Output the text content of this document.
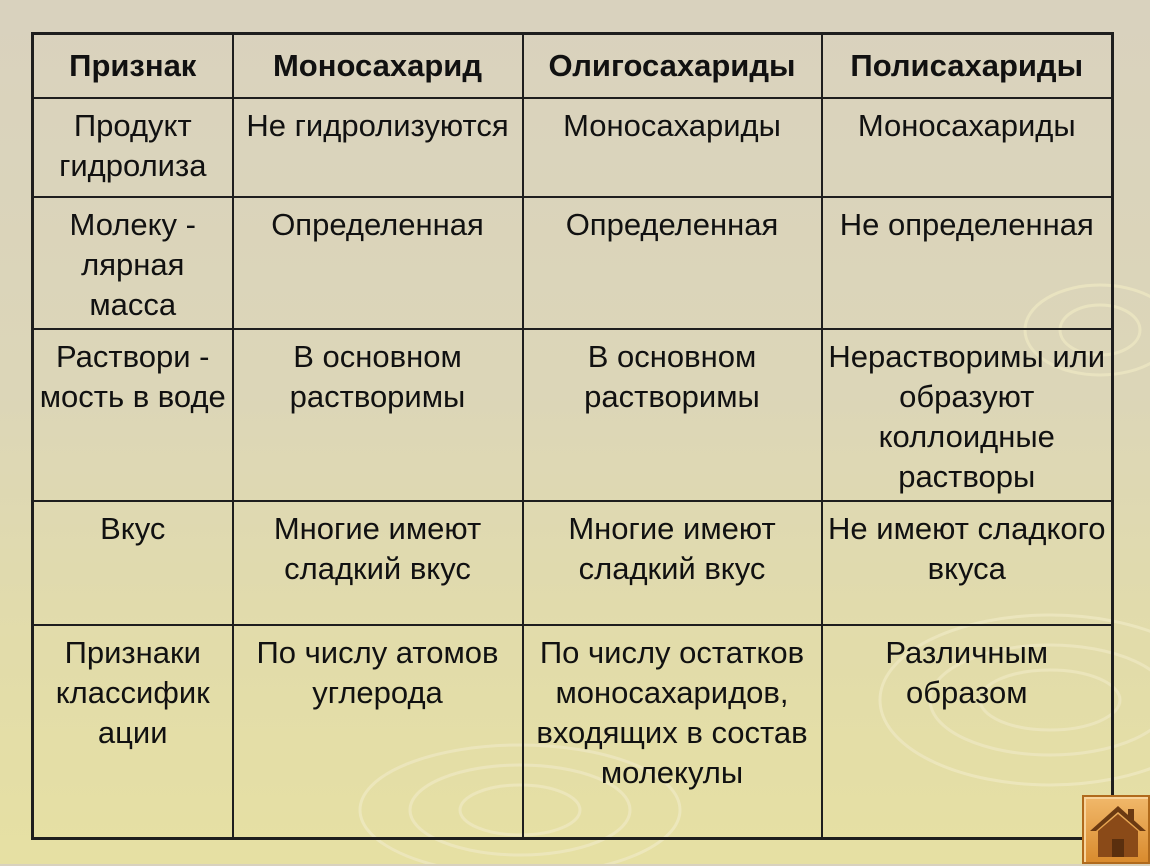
Признак	Моносахарид	Олигосахариды	Полисахариды

Продукт гидролиза	Не гидролизуются	Моносахариды	Моносахариды

Молеку - лярная масса	Определенная	Определенная	Не определенная

Раствори - мость в воде	В основном растворимы	В основном растворимы	Нерастворимы или образуют коллоидные растворы

Вкус	Многие имеют сладкий вкус	Многие имеют сладкий вкус	Не имеют сладкого вкуса

Признаки классифик ации	По числу атомов углерода	По числу остатков моносахаридов, входящих в состав молекулы	Различным образом
